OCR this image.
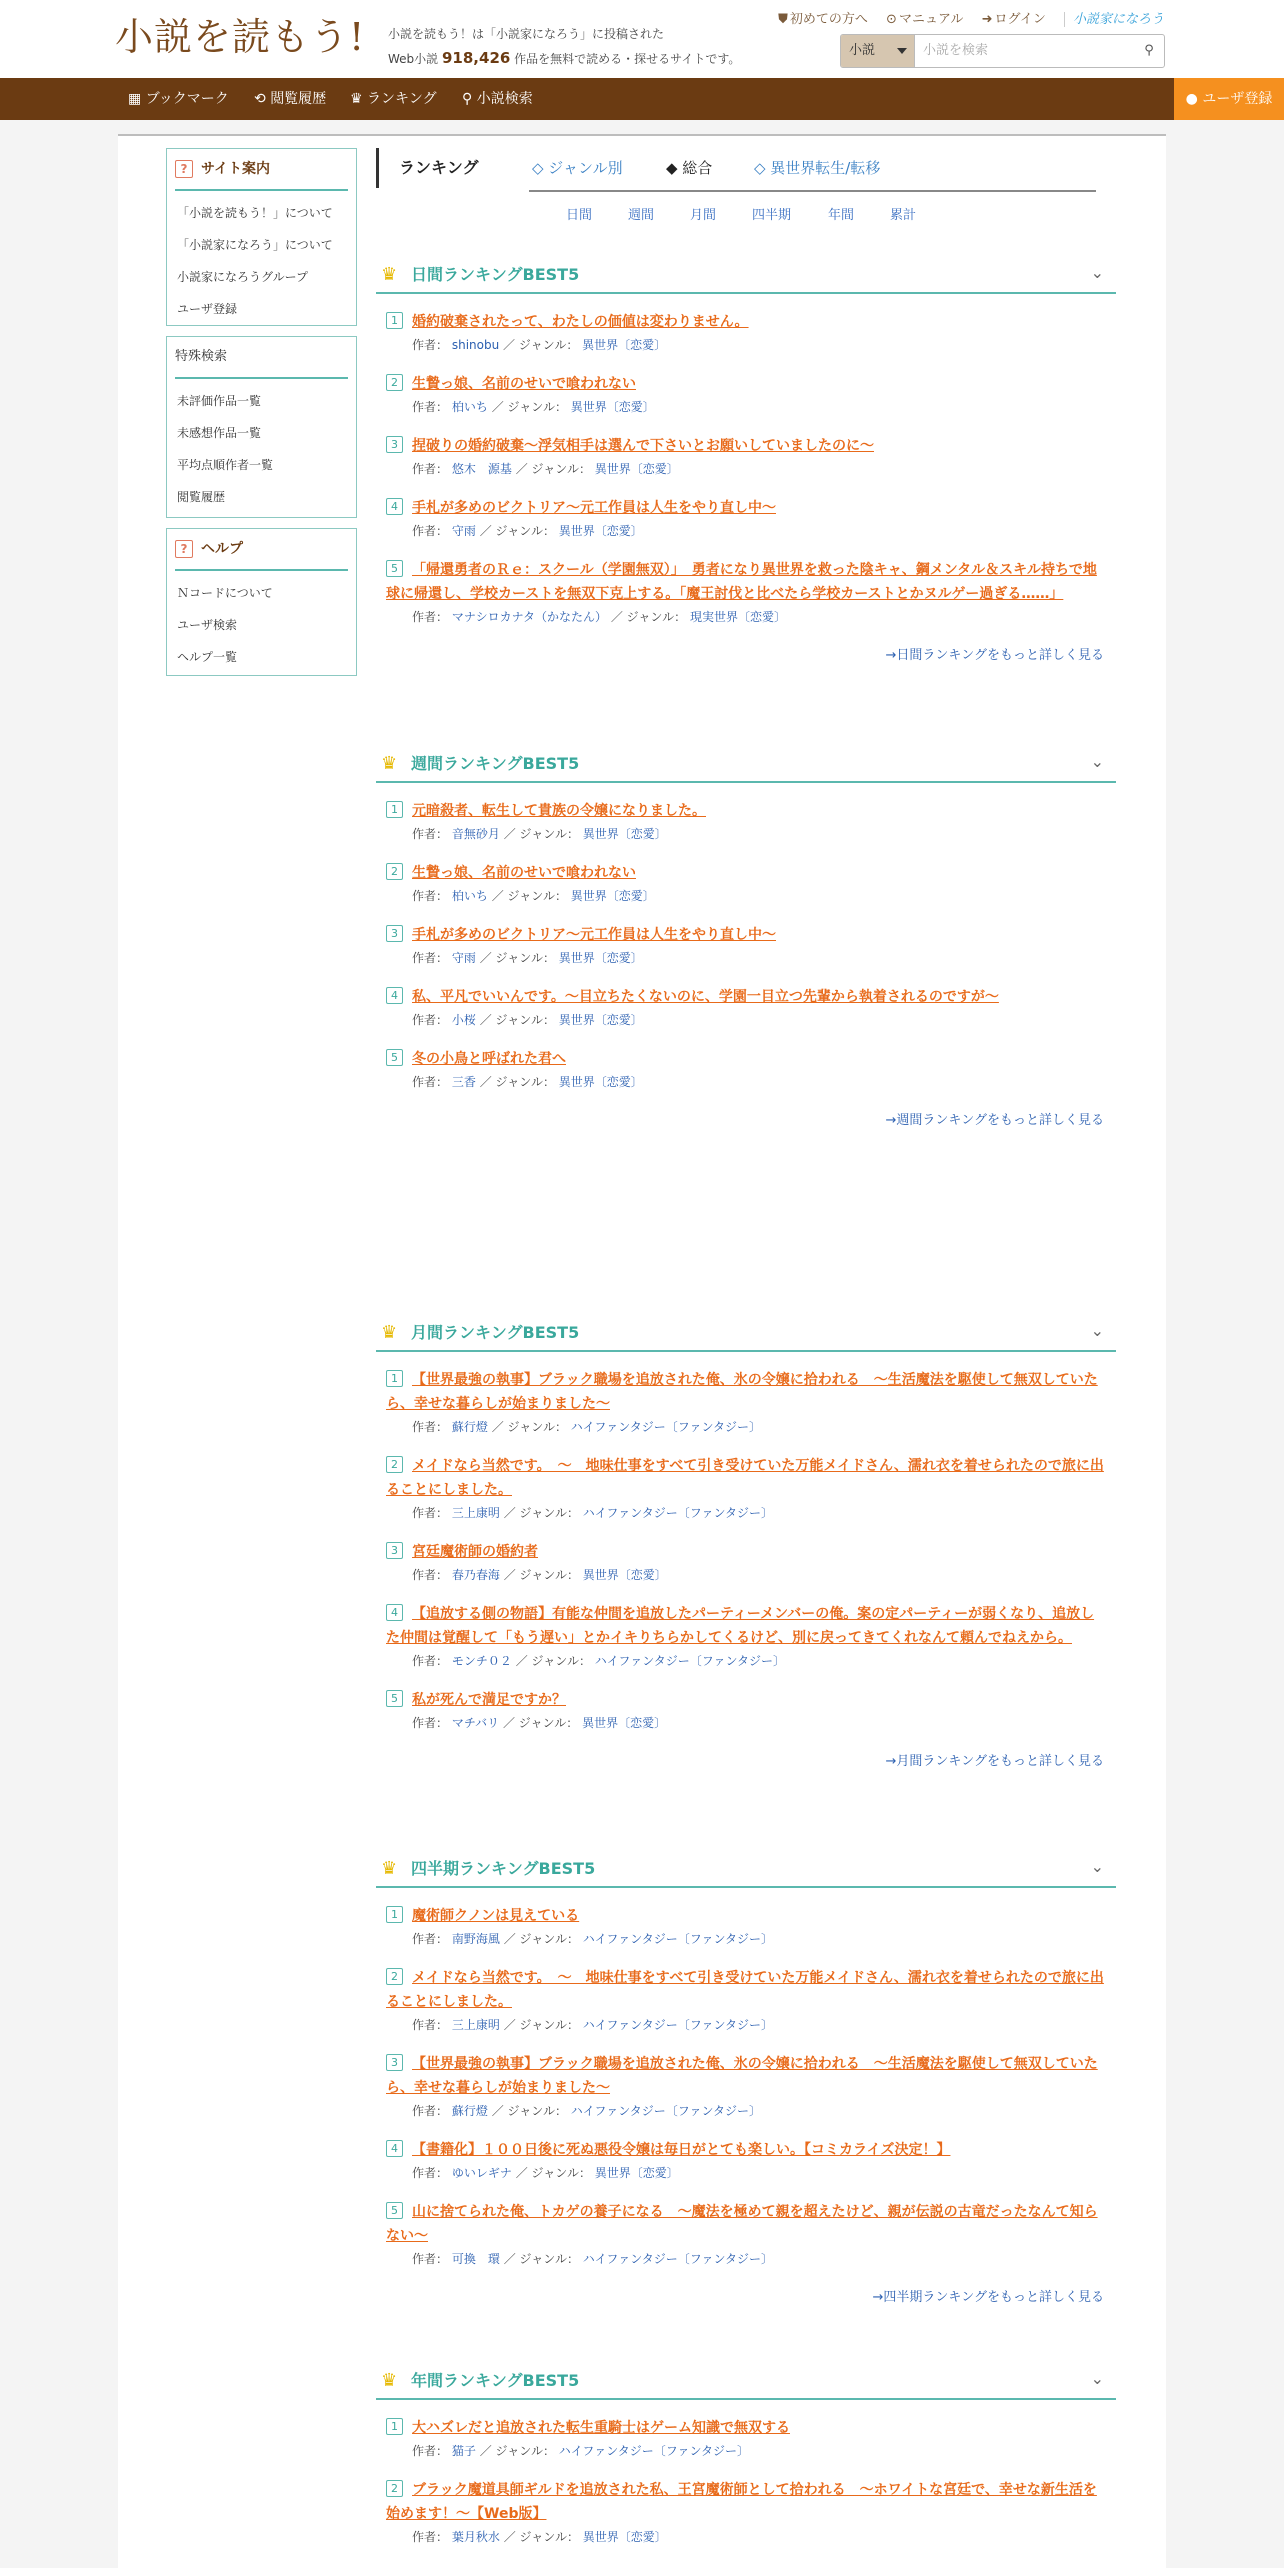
小説を読もう! 小説を読もう！は「小説家になろう」に投稿された
Web小説 918,426 作品を無料で読める・探せるサイトです。
⛊ 初めての方へ ⊙ マニュアル ➜ ログイン 小説家になろう
小説	小説を検索	⚲
▦ ブックマーク ⟲ 閲覧履歴 ♛ ランキング ⚲ 小説検索	● ユーザ登録
? サイト案内
「小説を読もう！」について
「小説家になろう」について
小説家になろうグループ
ユーザ登録
特殊検索
未評価作品一覧
未感想作品一覧
平均点順作者一覧
閲覧履歴
? ヘルプ
Ｎコードについて
ユーザ検索
ヘルプ一覧
ランキング	◇ ジャンル別	◆ 総合	◇ 異世界転生/転移
日間	週間	月間	四半期	年間	累計
♛ 日間ランキングBEST5	⌄
1	婚約破棄されたって、わたしの価値は変わりません。
作者： shinobu ／ ジャンル： 異世界〔恋愛〕
2	生贄っ娘、名前のせいで喰われない
作者： 柏いち ／ ジャンル： 異世界〔恋愛〕
3	捏破りの婚約破棄〜浮気相手は選んで下さいとお願いしていましたのに〜
作者： 悠木　源基 ／ ジャンル： 異世界〔恋愛〕
4	手札が多めのビクトリア〜元工作員は人生をやり直し中〜
作者： 守雨 ／ ジャンル： 異世界〔恋愛〕
5	「帰還勇者のＲｅ：スクール（学園無双）」　勇者になり異世界を救った陰キャ、鋼メンタル＆スキル持ちで地球に帰還し、学校カーストを無双下克上する。「魔王討伐と比べたら学校カーストとかヌルゲー過ぎる……」
作者： マナシロカナタ（かなたん） ／ ジャンル： 現実世界〔恋愛〕
→日間ランキングをもっと詳しく見る
♛ 週間ランキングBEST5	⌄
1	元暗殺者、転生して貴族の令嬢になりました。
作者： 音無砂月 ／ ジャンル： 異世界〔恋愛〕
2	生贄っ娘、名前のせいで喰われない
作者： 柏いち ／ ジャンル： 異世界〔恋愛〕
3	手札が多めのビクトリア〜元工作員は人生をやり直し中〜
作者： 守雨 ／ ジャンル： 異世界〔恋愛〕
4	私、平凡でいいんです。～目立ちたくないのに、学園一目立つ先輩から執着されるのですが～
作者： 小桜 ／ ジャンル： 異世界〔恋愛〕
5	冬の小鳥と呼ばれた君へ
作者： 三香 ／ ジャンル： 異世界〔恋愛〕
→週間ランキングをもっと詳しく見る
♛ 月間ランキングBEST5	⌄
1	【世界最強の執事】ブラック職場を追放された俺、氷の令嬢に拾われる　～生活魔法を駆使して無双していたら、幸せな暮らしが始まりました～
作者： 蘇行燈 ／ ジャンル： ハイファンタジー〔ファンタジー〕
2	メイドなら当然です。　～　地味仕事をすべて引き受けていた万能メイドさん、濡れ衣を着せられたので旅に出ることにしました。
作者： 三上康明 ／ ジャンル： ハイファンタジー〔ファンタジー〕
3	宮廷魔術師の婚約者
作者： 春乃春海 ／ ジャンル： 異世界〔恋愛〕
4	【追放する側の物語】有能な仲間を追放したパーティーメンバーの俺。案の定パーティーが弱くなり、追放した仲間は覚醒して「もう遅い」とかイキりちらかしてくるけど、別に戻ってきてくれなんて頼んでねえから。
作者： モンチ０２ ／ ジャンル： ハイファンタジー〔ファンタジー〕
5	私が死んで満足ですか？
作者： マチバリ ／ ジャンル： 異世界〔恋愛〕
→月間ランキングをもっと詳しく見る
♛ 四半期ランキングBEST5	⌄
1	魔術師クノンは見えている
作者： 南野海風 ／ ジャンル： ハイファンタジー〔ファンタジー〕
2	メイドなら当然です。　～　地味仕事をすべて引き受けていた万能メイドさん、濡れ衣を着せられたので旅に出ることにしました。
作者： 三上康明 ／ ジャンル： ハイファンタジー〔ファンタジー〕
3	【世界最強の執事】ブラック職場を追放された俺、氷の令嬢に拾われる　～生活魔法を駆使して無双していたら、幸せな暮らしが始まりました～
作者： 蘇行燈 ／ ジャンル： ハイファンタジー〔ファンタジー〕
4	【書籍化】１００日後に死ぬ悪役令嬢は毎日がとても楽しい。【コミカライズ決定！】
作者： ゆいレギナ ／ ジャンル： 異世界〔恋愛〕
5	山に捨てられた俺、トカゲの養子になる　〜魔法を極めて親を超えたけど、親が伝説の古竜だったなんて知らない〜
作者： 可換　環 ／ ジャンル： ハイファンタジー〔ファンタジー〕
→四半期ランキングをもっと詳しく見る
♛ 年間ランキングBEST5	⌄
1	大ハズレだと追放された転生重騎士はゲーム知識で無双する
作者： 猫子 ／ ジャンル： ハイファンタジー〔ファンタジー〕
2	ブラック魔道具師ギルドを追放された私、王宮魔術師として拾われる　～ホワイトな宮廷で、幸せな新生活を始めます！～【Web版】
作者： 葉月秋水 ／ ジャンル： 異世界〔恋愛〕
